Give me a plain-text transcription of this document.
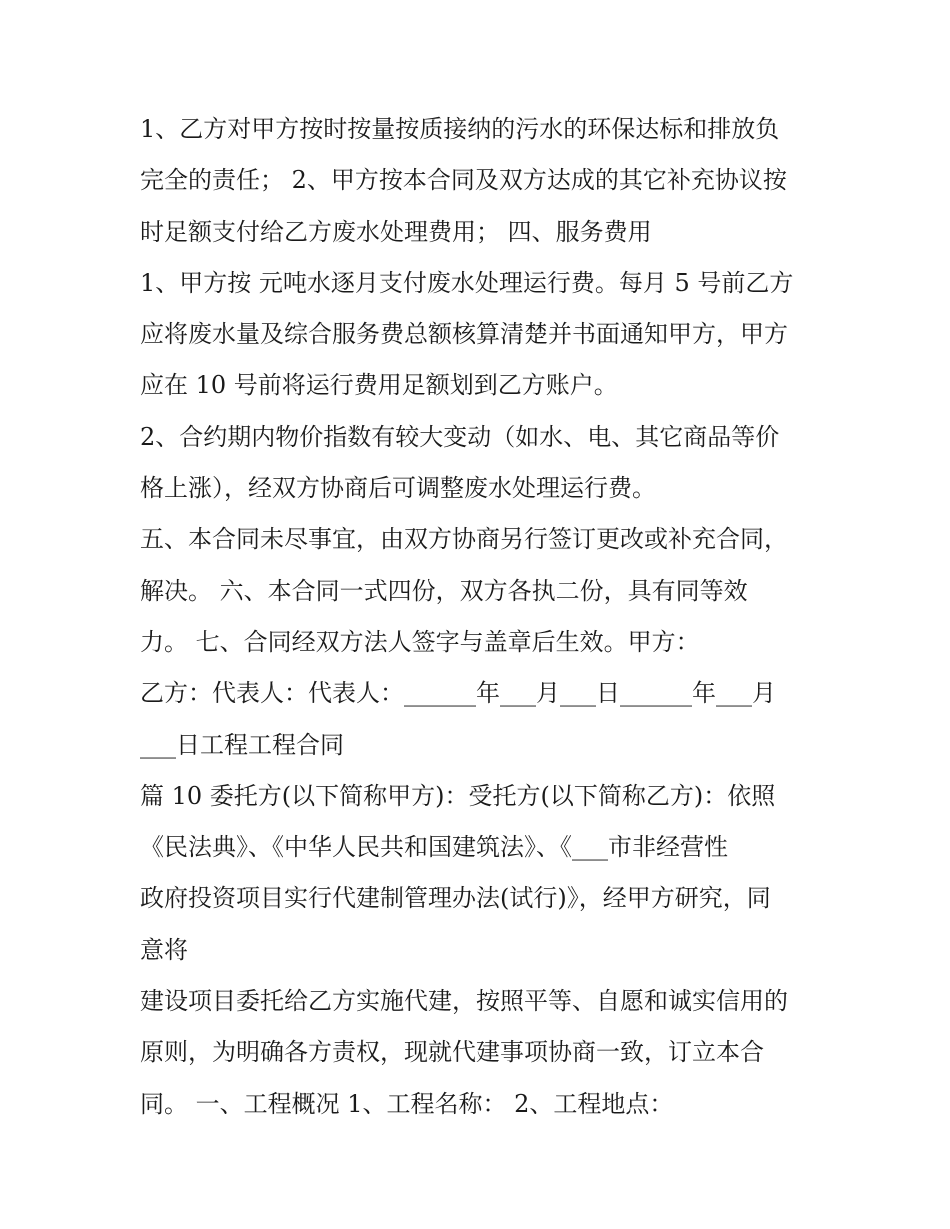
1、乙方对甲方按时按量按质接纳的污水的环保达标和排放负
完全的责任； 2、甲方按本合同及双方达成的其它补充协议按
时足额支付给乙方废水处理费用； 四、服务费用
1、甲方按 元吨水逐月支付废水处理运行费。每月 5 号前乙方
应将废水量及综合服务费总额核算清楚并书面通知甲方，甲方
应在 10 号前将运行费用足额划到乙方账户。
2、合约期内物价指数有较大变动（如水、电、其它商品等价
格上涨），经双方协商后可调整废水处理运行费。
五、本合同未尽事宜，由双方协商另行签订更改或补充合同，
解决。 六、本合同一式四份，双方各执二份，具有同等效
力。 七、合同经双方法人签字与盖章后生效。甲方：
乙方：代表人：代表人：______年___月___日______年___月
___日工程工程合同
篇 10 委托方(以下简称甲方)：受托方(以下简称乙方)：依照
《民法典》、《中华人民共和国建筑法》、《___市非经营性
政府投资项目实行代建制管理办法(试行)》，经甲方研究，同
意将
建设项目委托给乙方实施代建，按照平等、自愿和诚实信用的
原则，为明确各方责权，现就代建事项协商一致，订立本合
同。 一、工程概况 1、工程名称： 2、工程地点：
